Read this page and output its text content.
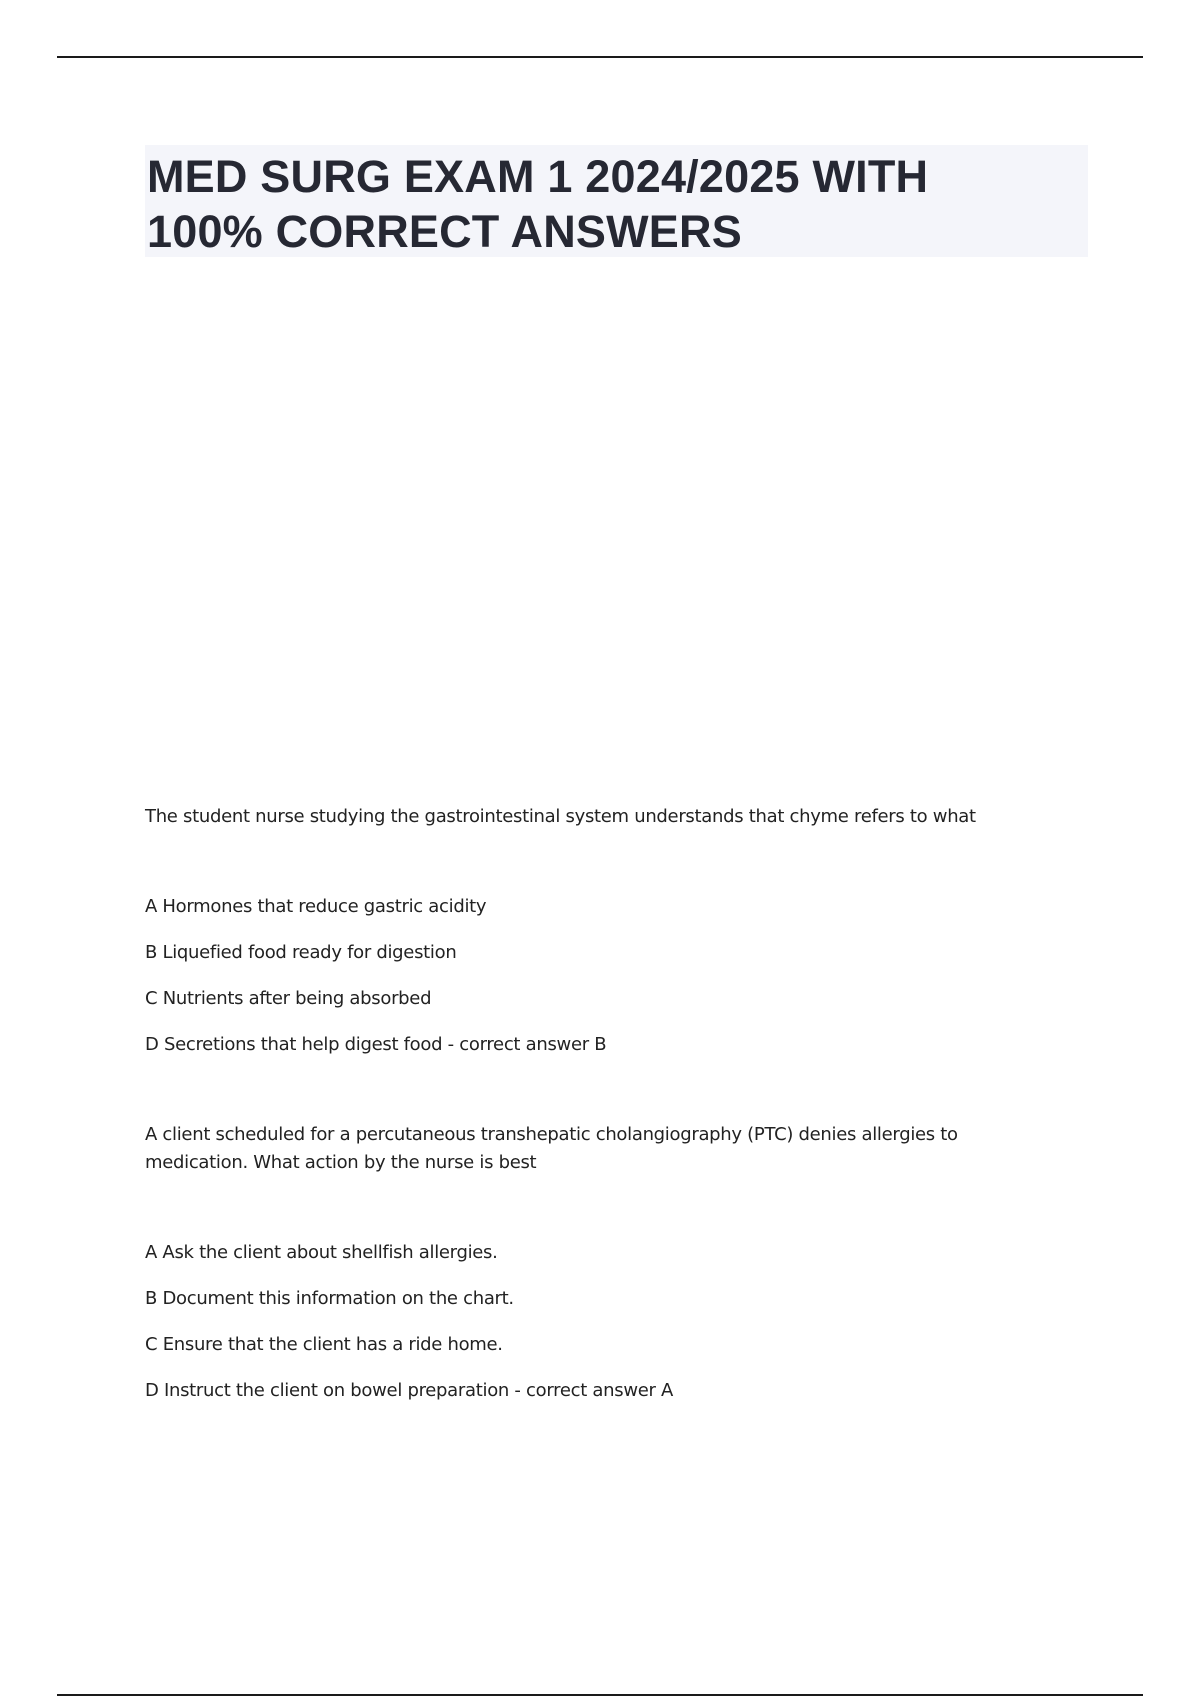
MED SURG EXAM 1 2024/2025 WITH
100% CORRECT ANSWERS

The student nurse studying the gastrointestinal system understands that chyme refers to what

A Hormones that reduce gastric acidity
B Liquefied food ready for digestion
C Nutrients after being absorbed
D Secretions that help digest food - correct answer B

A client scheduled for a percutaneous transhepatic cholangiography (PTC) denies allergies to
medication. What action by the nurse is best

A Ask the client about shellfish allergies.
B Document this information on the chart.
C Ensure that the client has a ride home.
D Instruct the client on bowel preparation - correct answer A
